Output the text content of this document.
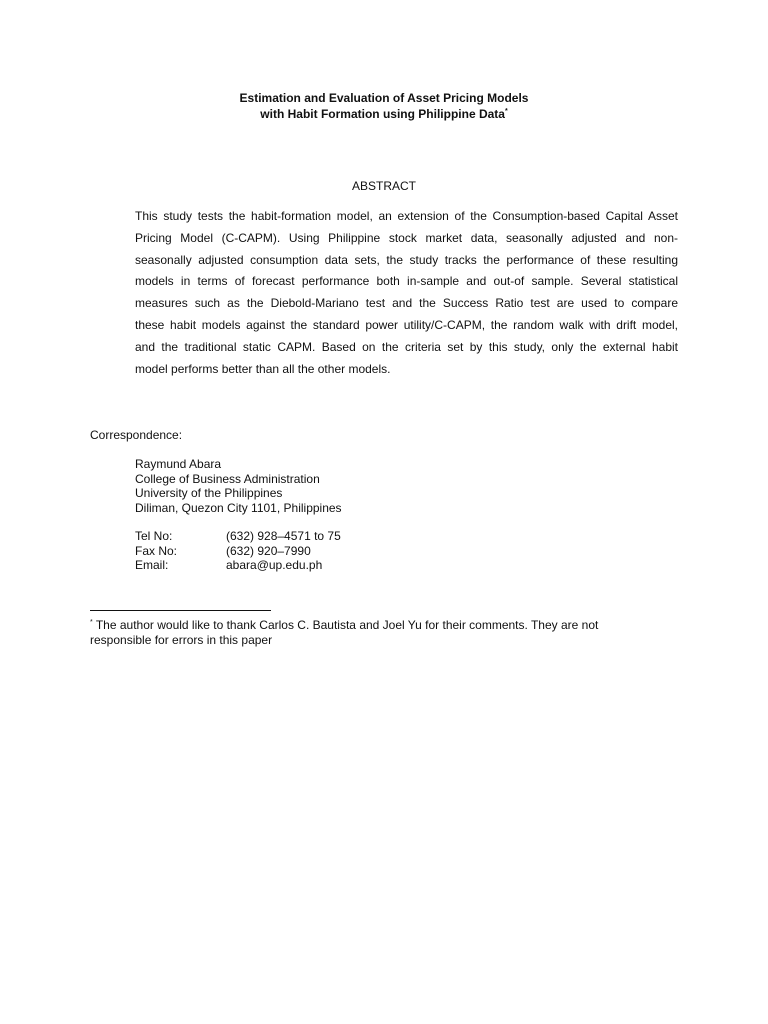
Estimation and Evaluation of Asset Pricing Models
with Habit Formation using Philippine Data*
ABSTRACT
This study tests the habit-formation model, an extension of the Consumption-based Capital Asset
Pricing Model (C-CAPM). Using Philippine stock market data, seasonally adjusted and non-
seasonally adjusted consumption data sets, the study tracks the performance of these resulting
models in terms of forecast performance both in-sample and out-of sample. Several statistical
measures such as the Diebold-Mariano test and the Success Ratio test are used to compare
these habit models against the standard power utility/C-CAPM, the random walk with drift model,
and the traditional static CAPM. Based on the criteria set by this study, only the external habit
model performs better than all the other models.
Correspondence:
Raymund Abara
College of Business Administration
University of the Philippines
Diliman, Quezon City 1101, Philippines
Tel No:	(632) 928–4571 to 75
Fax No:	(632) 920–7990
Email:	abara@up.edu.ph
* The author would like to thank Carlos C. Bautista and Joel Yu for their comments. They are not
responsible for errors in this paper
